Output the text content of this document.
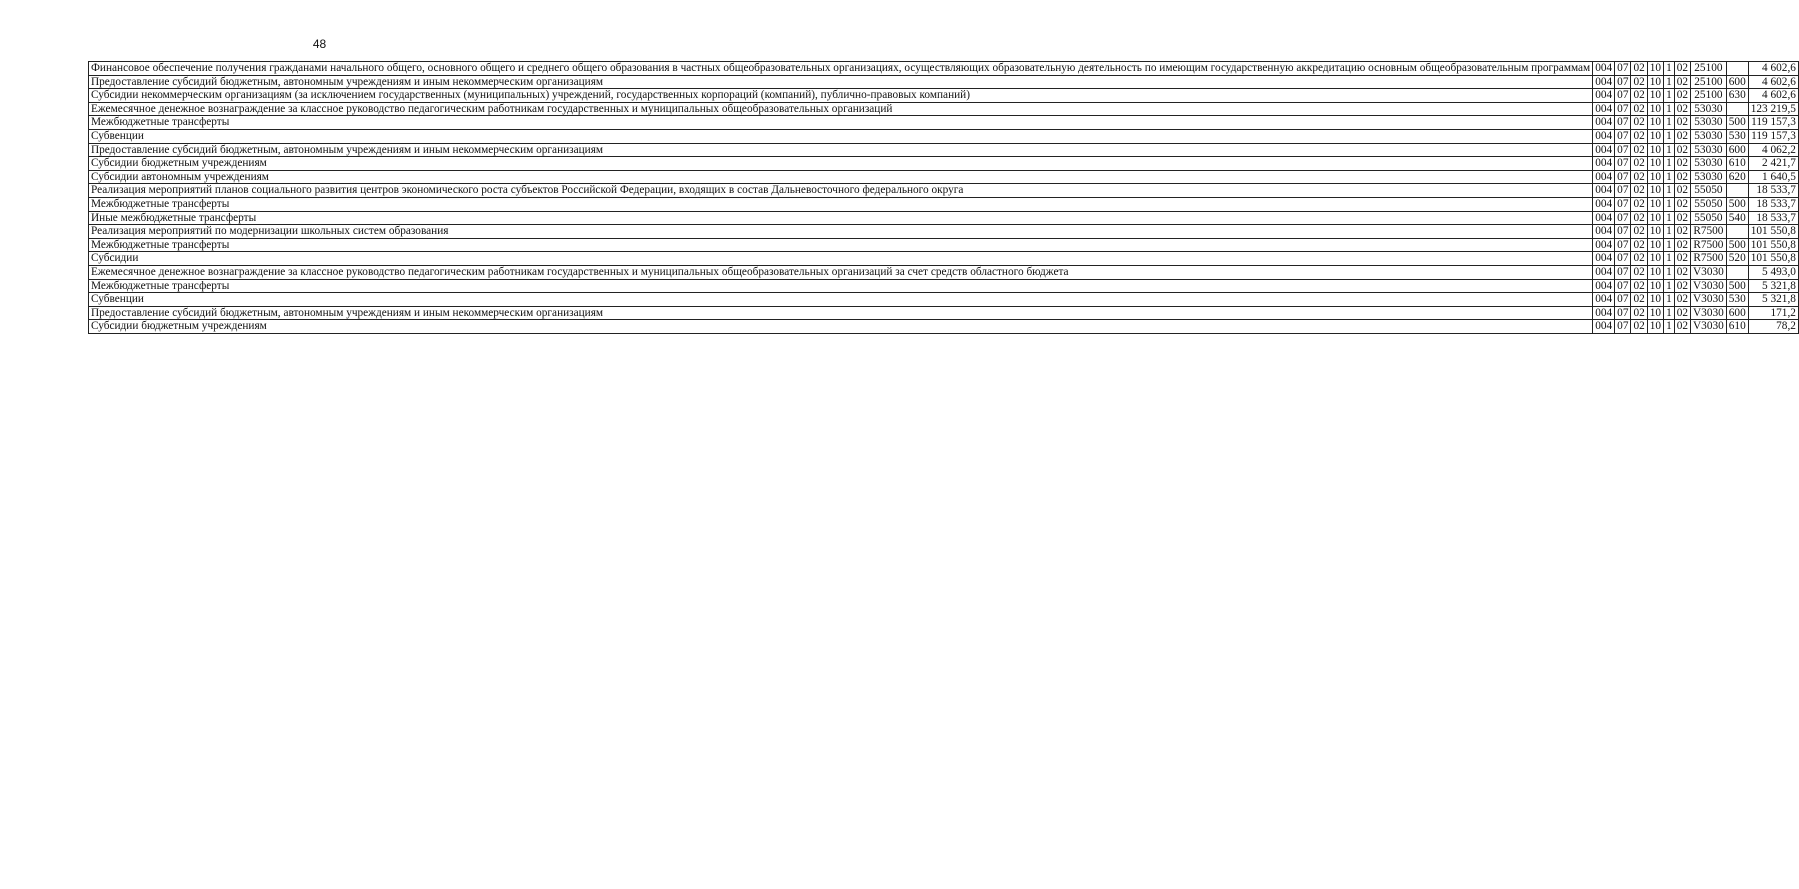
48
Финансовое обеспечение получения гражданами начального общего, основного общего и среднего общего образования в частных общеобразовательных организациях, осуществляющих образовательную деятельность по имеющим государственную аккредитацию основным общеобразовательным программам	004	07	02	10	1	02	25100		4 602,6
Предоставление субсидий бюджетным, автономным учреждениям и иным некоммерческим организациям	004	07	02	10	1	02	25100	600	4 602,6
Субсидии некоммерческим организациям (за исключением государственных (муниципальных) учреждений, государственных корпораций (компаний), публично-правовых компаний)	004	07	02	10	1	02	25100	630	4 602,6
Ежемесячное денежное вознаграждение за классное руководство педагогическим работникам государственных и муниципальных общеобразовательных организаций	004	07	02	10	1	02	53030		123 219,5
Межбюджетные трансферты	004	07	02	10	1	02	53030	500	119 157,3
Субвенции	004	07	02	10	1	02	53030	530	119 157,3
Предоставление субсидий бюджетным, автономным учреждениям и иным некоммерческим организациям	004	07	02	10	1	02	53030	600	4 062,2
Субсидии бюджетным учреждениям	004	07	02	10	1	02	53030	610	2 421,7
Субсидии автономным учреждениям	004	07	02	10	1	02	53030	620	1 640,5
Реализация мероприятий планов социального развития центров экономического роста субъектов Российской Федерации, входящих в состав Дальневосточного федерального округа	004	07	02	10	1	02	55050		18 533,7
Межбюджетные трансферты	004	07	02	10	1	02	55050	500	18 533,7
Иные межбюджетные трансферты	004	07	02	10	1	02	55050	540	18 533,7
Реализация мероприятий по модернизации школьных систем образования	004	07	02	10	1	02	R7500		101 550,8
Межбюджетные трансферты	004	07	02	10	1	02	R7500	500	101 550,8
Субсидии	004	07	02	10	1	02	R7500	520	101 550,8
Ежемесячное денежное вознаграждение за классное руководство педагогическим работникам государственных и муниципальных общеобразовательных организаций за счет средств областного бюджета	004	07	02	10	1	02	V3030		5 493,0
Межбюджетные трансферты	004	07	02	10	1	02	V3030	500	5 321,8
Субвенции	004	07	02	10	1	02	V3030	530	5 321,8
Предоставление субсидий бюджетным, автономным учреждениям и иным некоммерческим организациям	004	07	02	10	1	02	V3030	600	171,2
Субсидии бюджетным учреждениям	004	07	02	10	1	02	V3030	610	78,2
